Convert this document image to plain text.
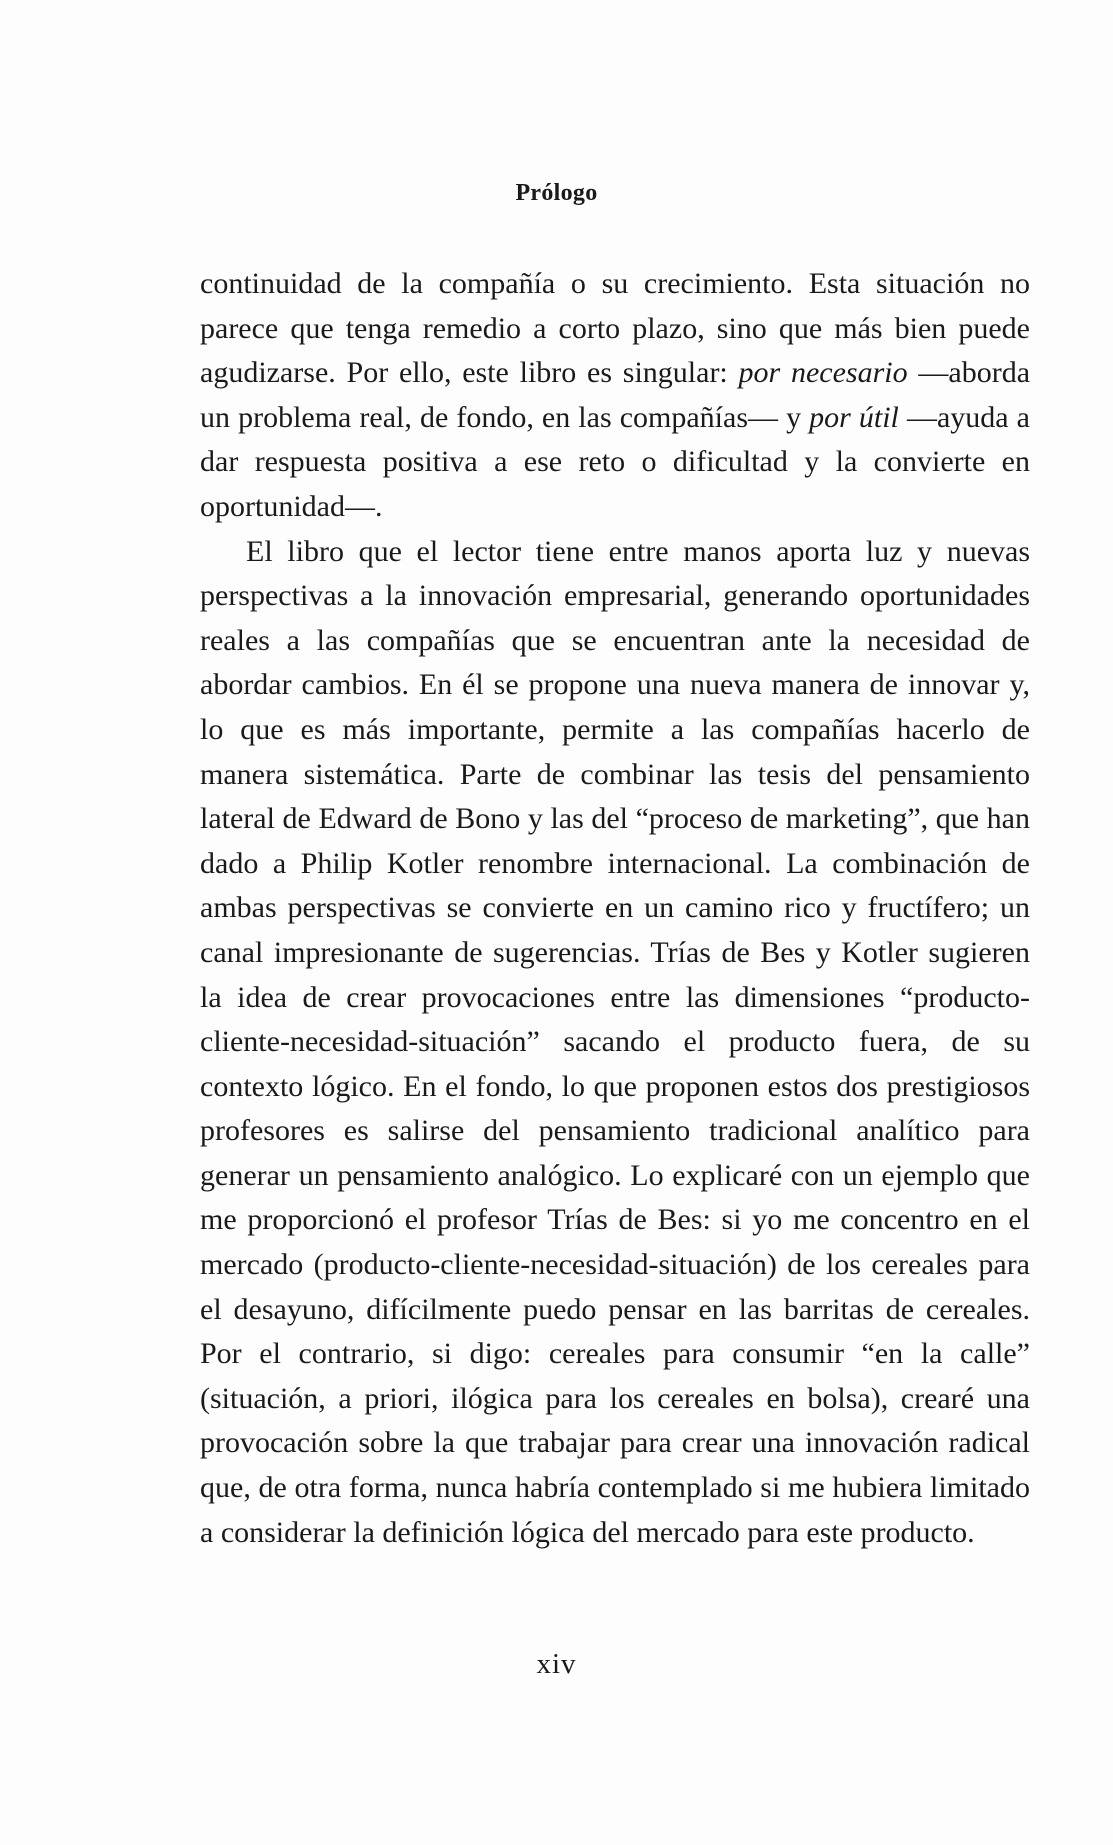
Prólogo

continuidad de la compañía o su crecimiento. Esta situación no parece que tenga remedio a corto plazo, sino que más bien puede agudizarse. Por ello, este libro es singular: por necesario —aborda un problema real, de fondo, en las compañías— y por útil —ayuda a dar respuesta positiva a ese reto o dificultad y la convierte en oportunidad—.

El libro que el lector tiene entre manos aporta luz y nuevas perspectivas a la innovación empresarial, generando oportunidades reales a las compañías que se encuentran ante la necesidad de abordar cambios. En él se propone una nueva manera de innovar y, lo que es más importante, permite a las compañías hacerlo de manera sistemática. Parte de combinar las tesis del pensamiento lateral de Edward de Bono y las del “proceso de marketing”, que han dado a Philip Kotler renombre internacional. La combinación de ambas perspectivas se convierte en un camino rico y fructífero; un canal impresionante de sugerencias. Trías de Bes y Kotler sugieren la idea de crear provocaciones entre las dimensiones “producto-cliente-necesidad-situación” sacando el producto fuera, de su contexto lógico. En el fondo, lo que proponen estos dos prestigiosos profesores es salirse del pensamiento tradicional analítico para generar un pensamiento analógico. Lo explicaré con un ejemplo que me proporcionó el profesor Trías de Bes: si yo me concentro en el mercado (producto-cliente-necesidad-situación) de los cereales para el desayuno, difícilmente puedo pensar en las barritas de cereales. Por el contrario, si digo: cereales para consumir “en la calle” (situación, a priori, ilógica para los cereales en bolsa), crearé una provocación sobre la que trabajar para crear una innovación radical que, de otra forma, nunca habría contemplado si me hubiera limitado a considerar la definición lógica del mercado para este producto.

xiv
